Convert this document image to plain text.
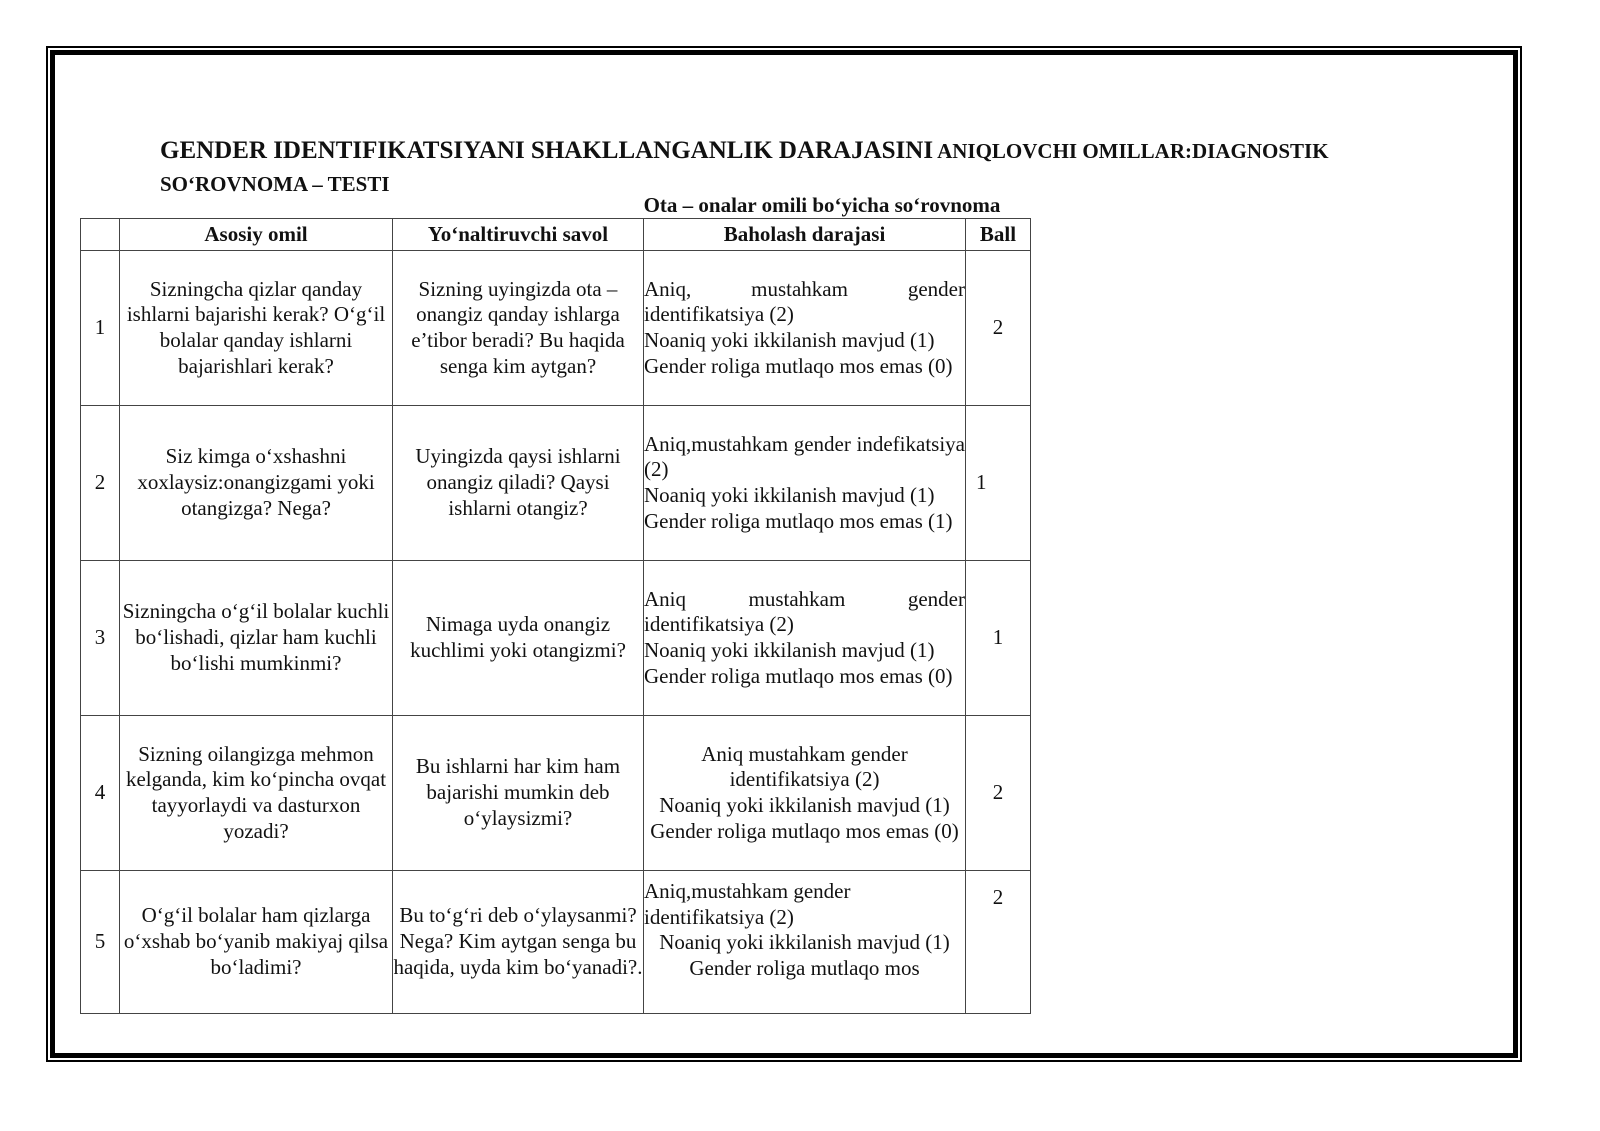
GENDER IDENTIFIKATSIYANI SHAKLLANGANLIK DARAJASINI ANIQLOVCHI OMILLAR:DIAGNOSTIK
SO‘ROVNOMA – TESTI
Ota – onalar omili bo‘yicha so‘rovnoma
	Asosiy omil	Yo‘naltiruvchi savol	Baholash darajasi	Ball
1	Sizningcha qizlar qanday ishlarni bajarishi kerak? O‘g‘il bolalar qanday ishlarni bajarishlari kerak?	Sizning uyingizda ota – onangiz qanday ishlarga e’tibor beradi? Bu haqida senga kim aytgan?	Aniq, mustahkam gender identifikatsiya (2)
Noaniq yoki ikkilanish mavjud (1)
Gender roliga mutlaqo mos emas (0)	2
2	Siz kimga o‘xshashni xoxlaysiz:onangizgami yoki otangizga? Nega?	Uyingizda qaysi ishlarni onangiz qiladi? Qaysi ishlarni otangiz?	Aniq,mustahkam gender indefikatsiya (2)
Noaniq yoki ikkilanish mavjud (1)
Gender roliga mutlaqo mos emas (1)	1
3	Sizningcha o‘g‘il bolalar kuchli bo‘lishadi, qizlar ham kuchli bo‘lishi mumkinmi?	Nimaga uyda onangiz kuchlimi yoki otangizmi?	Aniq mustahkam gender identifikatsiya (2)
Noaniq yoki ikkilanish mavjud (1)
Gender roliga mutlaqo mos emas (0)	1
4	Sizning oilangizga mehmon kelganda, kim ko‘pincha ovqat tayyorlaydi va dasturxon yozadi?	Bu ishlarni har kim ham bajarishi mumkin deb o‘ylaysizmi?	Aniq mustahkam gender identifikatsiya (2)
Noaniq yoki ikkilanish mavjud (1)
Gender roliga mutlaqo mos emas (0)	2
5	O‘g‘il bolalar ham qizlarga o‘xshab bo‘yanib makiyaj qilsa bo‘ladimi?	Bu to‘g‘ri deb o‘ylaysanmi? Nega? Kim aytgan senga bu haqida, uyda kim bo‘yanadi?.	Aniq,mustahkam gender identifikatsiya (2)
Noaniq yoki ikkilanish mavjud (1)
Gender roliga mutlaqo mos	2
